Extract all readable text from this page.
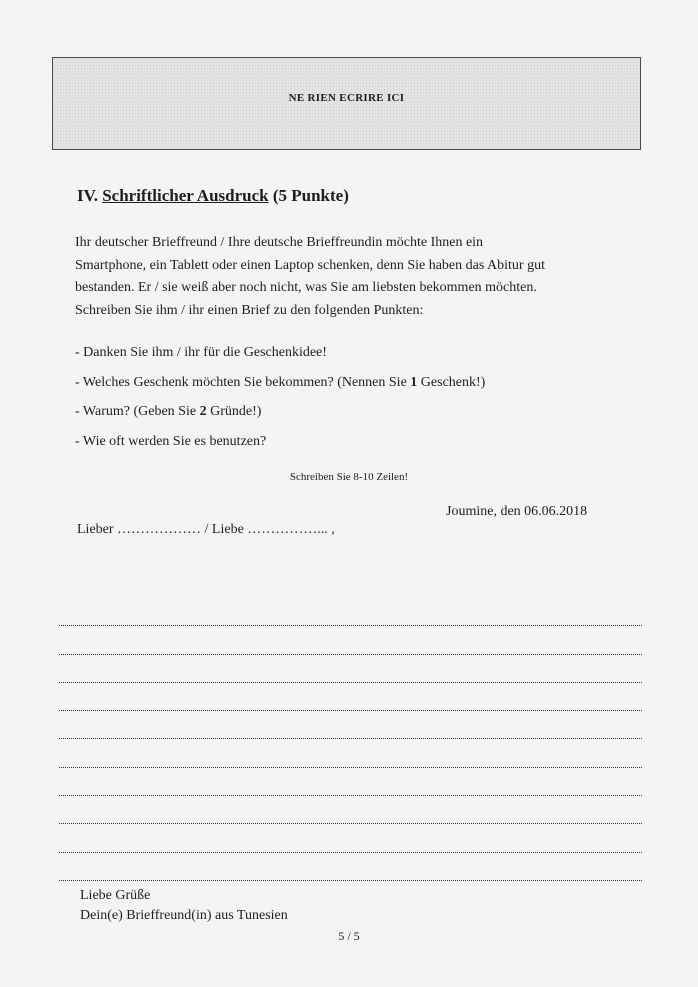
NE RIEN ECRIRE ICI
IV. Schriftlicher Ausdruck (5 Punkte)
Ihr deutscher Brieffreund / Ihre deutsche Brieffreundin möchte Ihnen ein
Smartphone, ein Tablett oder einen Laptop schenken, denn Sie haben das Abitur gut
bestanden. Er / sie weiß aber noch nicht, was Sie am liebsten bekommen möchten.
Schreiben Sie ihm / ihr einen Brief zu den folgenden Punkten:
- Danken Sie ihm / ihr für die Geschenkidee!
- Welches Geschenk möchten Sie bekommen? (Nennen Sie 1 Geschenk!)
- Warum? (Geben Sie 2 Gründe!)
- Wie oft werden Sie es benutzen?
Schreiben Sie 8-10 Zeilen!
Joumine, den 06.06.2018
Lieber ……………… / Liebe ……………... ,
Liebe Grüße
Dein(e) Brieffreund(in) aus Tunesien
5 / 5
